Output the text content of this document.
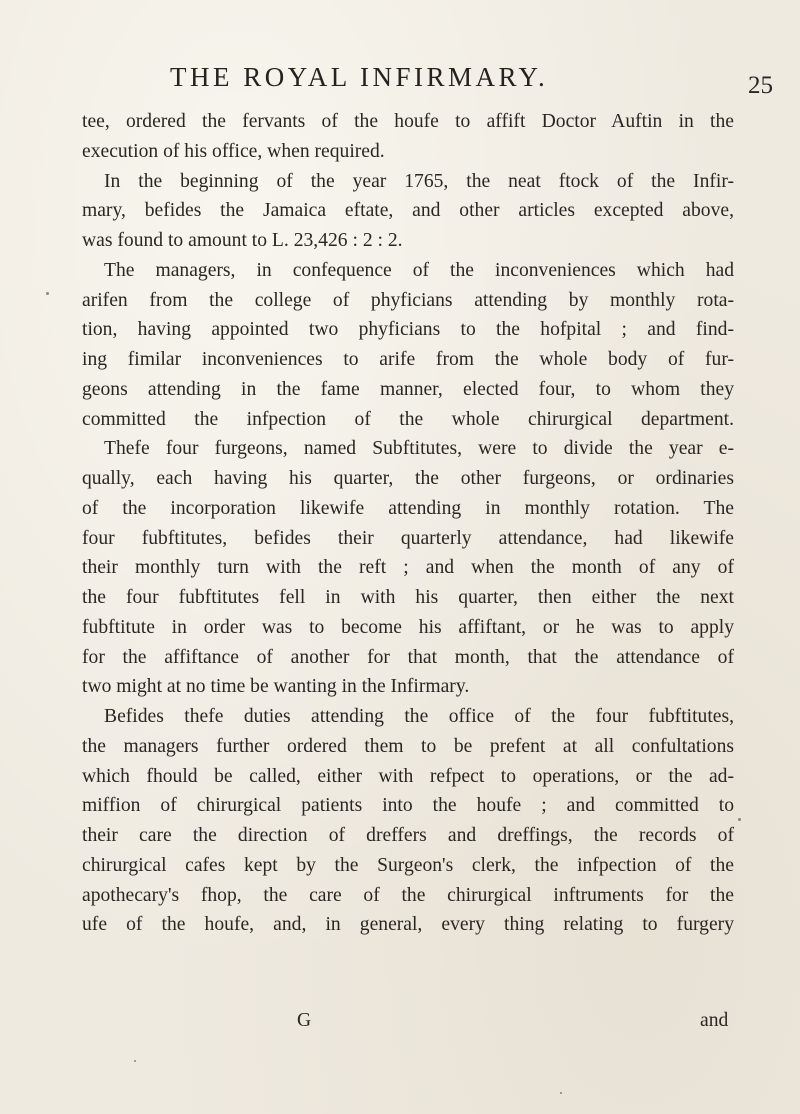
THE ROYAL INFIRMARY.	25
tee, ordered the fervants of the houfe to affift Doctor Auftin in the
execution of his office, when required.
In the beginning of the year 1765, the neat ftock of the Infir-
mary, befides the Jamaica eftate, and other articles excepted above,
was found to amount to L. 23,426 : 2 : 2.
The managers, in confequence of the inconveniences which had
arifen from the college of phyficians attending by monthly rota-
tion, having appointed two phyficians to the hofpital ; and find-
ing fimilar inconveniences to arife from the whole body of fur-
geons attending in the fame manner, elected four, to whom they
committed the infpection of the whole chirurgical department.
Thefe four furgeons, named Subftitutes, were to divide the year e-
qually, each having his quarter, the other furgeons, or ordinaries
of the incorporation likewife attending in monthly rotation. The
four fubftitutes, befides their quarterly attendance, had likewife
their monthly turn with the reft ; and when the month of any of
the four fubftitutes fell in with his quarter, then either the next
fubftitute in order was to become his affiftant, or he was to apply
for the affiftance of another for that month, that the attendance of
two might at no time be wanting in the Infirmary.
Befides thefe duties attending the office of the four fubftitutes,
the managers further ordered them to be prefent at all confultations
which fhould be called, either with refpect to operations, or the ad-
miffion of chirurgical patients into the houfe ; and committed to
their care the direction of dreffers and dreffings, the records of
chirurgical cafes kept by the Surgeon's clerk, the infpection of the
apothecary's fhop, the care of the chirurgical inftruments for the
ufe of the houfe, and, in general, every thing relating to furgery
G	and
